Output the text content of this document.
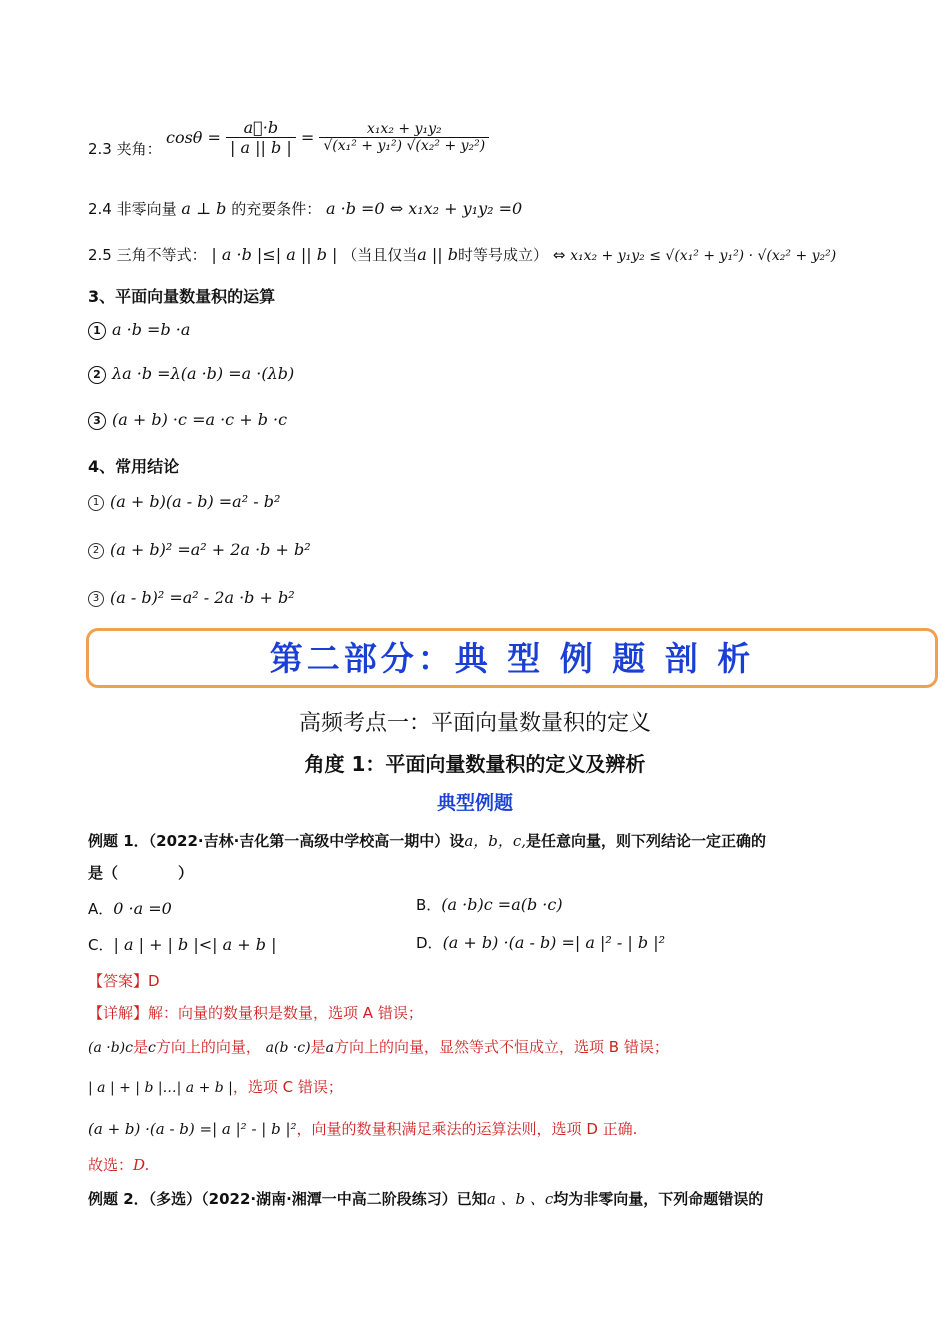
2.3 夹角：
$\cos\theta = \frac{a⃗\cdot b}{| a || b |} = \frac{\text{x₁x₂ + y₁y₂}}{\text{√(x₁² + y₁²) √(x₂² + y₂²)}}$
2.4 非零向量 a ⊥ b 的充要条件： a ·b =0 ⇔ x₁x₂ + y₁y₂ =0
2.5 三角不等式： | a ·b |≤| a || b | （当且仅当a || b时等号成立） ⇔ x₁x₂ + y₁y₂ ≤ √(x₁² + y₁²) · √(x₂² + y₂²)
3、平面向量数量积的运算
1 a ·b =b ·a
2 λa ·b =λ(a ·b) =a ·(λb)
3 (a + b) ·c =a ·c + b ·c
4、常用结论
1 (a + b)(a - b) =a² - b²
2 (a + b)² =a² + 2a ·b + b²
3 (a - b)² =a² - 2a ·b + b²
第二部分：典 型 例 题 剖 析
高频考点一：平面向量数量积的定义
角度 1：平面向量数量积的定义及辨析
典型例题
例题 1．（2022·吉林·吉化第一高级中学校高一期中）设a，b，c,是任意向量，则下列结论一定正确的
是（　　　　）
A．0 ·a =0	B．(a ·b)c =a(b ·c)
C．| a | + | b |<| a + b |	D．(a + b) ·(a - b) =| a |² - | b |²
【答案】D
【详解】解：向量的数量积是数量，选项 A 错误；
(a ·b)c是c方向上的向量， a(b ·c)是a方向上的向量，显然等式不恒成立，选项 B 错误；
| a | + | b |…| a + b |，选项 C 错误；
(a + b) ·(a - b) =| a |² - | b |²，向量的数量积满足乘法的运算法则，选项 D 正确.
故选：D.
例题 2．（多选）（2022·湖南·湘潭一中高二阶段练习）已知a 、b 、c均为非零向量，下列命题错误的
